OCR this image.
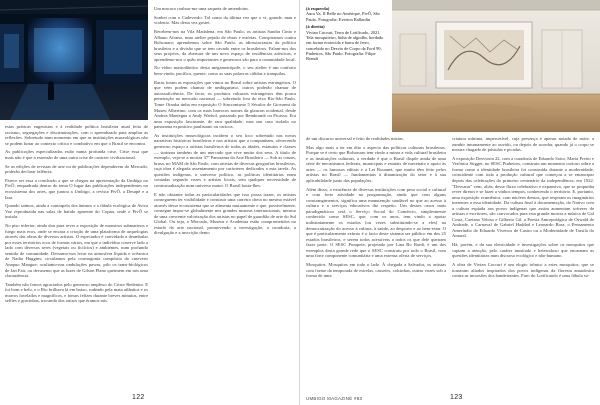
estas práticas eugenistas e à realidade política brasileira atual feita de racismo, segregações e discriminações, com o aprendizado para ampliar as reflexões. Sobretudo num momento em que as instituições museológicas não se podem furtar ao contexto crítico e combativo em que o Brasil se encontra.

As publicações especializadas estão numa profunda crise. Crise essa que mais não é que a extensão de uma outra crise de carácter civilizacional.

Se as edições de revistas de arte ou de publicações dependerem do Mercado, poderão declarar falência.

Parece ser essa a conclusão a que se chegou na apresentação da Umbigo no PivÔ, enquadrada dentro do tema O lugar das publicações independentes no ecossistema dos artes, que juntou a Umbigo, a revista PivÔ, a Desapê e a Iara.

Quando saímos, ainda a contrapelo dos ânimos e a fábula ecológica de Aviva Vaz reproduzida nas salas de batido aparente do Copan, onde o PivÔ se instala.

No piso inferior, ainda dou para rever a exposição de monstros submarinos e fuego mais ecos, onde se encara a criação de uma plataforma de arquelogias através das obras de diversos artistas. O espectador é convidado a deambular por esses territórios ecos de formas vários, em que o indivíduo convive lado a lado com diversos seres (vegetais ou fictícios) e ambientes, num profundo sentido de comunidade. Deixamo-nos levar na atmosfera líquida e ocêanica de Nadia Huggins; circulamos pela cosmogonia compósita do cineverir Anapuo Mangue; ocultamo-nas ondulações pawas, pilo os trans-biológicos de Jan Fair, ou devasemo que as luzes de Gilson Plano queimem em nós uma claraudencia.

Também não fomos agraciados pelo generoso amplexo do Cristo Redentor. E foi bom e belo, e o Rio brilhava lá em baixo, rodeado pela mata atlântica e os morros favelados e magníficos, e fomos felizes durante breves minutos, entre selfies e gracinhas, trocando dos outros que éramos nós.

Um macaco roubou-me uma saqueta de amendoins.

Sonhei com o Cadeverdo. Tal como da última vez que o vi, grande, mau e violento. Mas desta vez gostei.

Recebem-nos na Vila Madalena, em São Paulo, os artistas Sandra Cinto e Albano Afonso, num atelier pejado de obras e estórias. Conspiramos contra Bolsonaro; aprendemos sobre São Paulo, as idiossincrasias da política brasileira e a divisão que se tem cavado entre os brasileiros. Falam-nos dos seus projetos, da abertura de um novo espaço de residências artísticas, e aprendemo-nos o quão importantes e generosos são para a comunidade local.

No vídeo mastodôntico desta megametrópole, o seu atelier é um conforto bem-vindo, pacífico, quente, como as suas palavras cálidas e tranquilas.

Raras foram as exposições que vimos no Brasil sobre artistas estrangeiros. O que vem podem chamar de umbiguismo, outros poderão chamar de autossuficiência. De facto, os produtos culturais estrangeiros têm pouca penetração no mercado nacional — sobretudo fora do eixo Rio-São Paulo. Tome Oinaka tinha em exposição O Sincronismo 5 Séculos de Giovanni do Museu Albertino, com os mais barrocos nomes da glaucon ocidental, desde Andrea Mantegna a Andy Warhol, passando por Rembrandt ou Picasso. Era uma exposição fascinante, de rara qualidade, mas um caso isolado no panorama expositivo paulistano ou carioca.

As instituições museológicas incidem o seu foco sobretudo nas novas narrativas históricas brasileiras e nos artistas que a compunham, oferecendo generoso espaço a artistas brasileiros de todas as idades, estatutos e classes — sintoma também de um mercado que vive muito dos seus. A título de exemplo, veja-se a mostra 37º Panorama da Arte Brasileira — Sob as cinzas, brasa, no MAM de São Paulo, com artistas de diversas geografias brasileiras, cuja obra é alegada assentamento por carácteres dedicados a esta tarefa. As questões indígenas, o universo político, as políticas identitárias eram contadas segundo vozes e artistas locais, sem qualquer necessidade de contextualização num universo maior. O Brasil basta-lhes.

E não obstante todas as particularidades que isso possa trazer, os artistas consegueem ter visibilidade e construir uma carreira cheia no mesmo estável através desse ecossistema que se alimenta mutuamente e que, possivelmente, consegue impor-se globalmente nos grandes museus internacionais, mesmo de uma crescente valorização dos artistas no papel de guardião de arte do Sul Global. Ou seja, o Mercado, Museus e Academia estão comprometidos no estudo da arte nacional, promovendo a investigação, a curadoria, a divulgação e a inscrição demo

122

(à esquerda)
Aura Va, II Belle no Amérique, PivÔ, São Paulo. Fotografia: Everton Ballardin

(à direita)
Vivian Caccuri, Terra de Lotificado, 2021. Tela mosquiteiro, linha de algodão, bordado em forma ecotecida e barra de ferro, concebido no Desvio de Corpo da Ford 90; Pinheiros, São Paulo. Fotografia: Filipe Berndt

de um discurso universal e feito de realidades mistas.

Mas algo mais a ter em dito o aspecto das políticas culturais brasileiras. Porque se é certo que Bolsonaro tem vindo a minar a vida cultural brasileira e as instituições culturais, a verdade é que o Brasil dispõe ainda de uma série de mecanismos federais, municipais e estatais de mecenato e apoio às artes — os famosos editais e a Lei Rouanet, que muito têm feito pelos artistas no Brasil — fundamentais à dinamização do setor e à sua aplicabilidade junto das populações.

Além disso, a existência de diversas instituições com peso social e cultural e com forte atividade na programação, ainda que com alguns constrangimentos, significa uma manutenção saudável no que ao acesso à cultura e a serviços educativos diz respeito. Um desses casos mais paradigmáticos será o Serviço Social do Comércio, simplesmente conhecido como SESC, que, com os anos, tem vindo a apoiar indistintamente os estados (ou vezes substituindo-se a eles) na democratização do acesso à cultura, à saúde, ao desporto e ao bem-estar. O que é particularmente exímio é o facto deste sistema ser público em dos 25 estados brasileiros, e serem todos acessíveis a todos os que dele queiram fazer parte. O SESC Pompeia, projetado por Lina Bo Bardi, é um dos exemplos desta grande rede que o SESC construiu por todo o Brasil, com uma forte componente comunitária e uma extensa oferta de serviços.

Mosquitos. Mosquitos em todo o lado. À chegada a Salvador, os artistas com forme da temporada de estrelas, cassetes, calcinhas, outras vozes sob a forma de uma

criatura mínima, impercetível, cuja presença é apenas notada de noite, a zumbir inturnamente ao ouvido, ou depois de acordar, quando já o corpo se mostra chagado de pústulas e picadas.

A exposição Desvioria 22, com a curadoria de Eduardo Soito, Maria Preiro e Verônica Stigger, no SESC Pinheiros, construiu um momento curioso sobre a forma como a identidade brasileira foi construída durante a modernidade, coincidente com toda a produção cultural que começou a se emancipar depois das celebrações do primeiro centenário da independência, em 1922. "Desvarar" vem, aliás, desse fluxo celebrativo e expansivo, que se propunha rever diretos e se fazer a vinhos tempos, conhecendo o território. E, portanto, uma exposição ecumênica, com núcleos densos, que respiram os imaginários inerentes a essa identidade. Da cultura final à documentação, do Nativo com a cultura espiada aos povos indígenas que assim aumentam sofreres de artistas e escritores, são convocados para esta grande mostra a música de Gal Costa, Caetano Veloso e Gilberto Gil, a Poesia Antropofágica de Oswald de Andrade, o Carnaval de Gabriel Haddad e Leonardo Bora, o Pensamento Ameríndio de Eduardo Viveiros de Castro ou a Modernidade de Tarsila do Amaral.

Há, porém, e da sua eletricidade e investigações sobre os mosquitos que captam a atenção, pelo caráter inusitado e heterodoxo que encarnam as questões identitárias num discurso ecológico e não-humano.

A obra de Vivian Caccuri é um elogio irônico a estes mosquitos, que se tornaram aliados inspirados dos povos indígenas da floresta amazônica contra as incursões dos bandeirantes. Faro do Lotificando é uma fábula so-

UMBIGO MAGAZINE #83	123
